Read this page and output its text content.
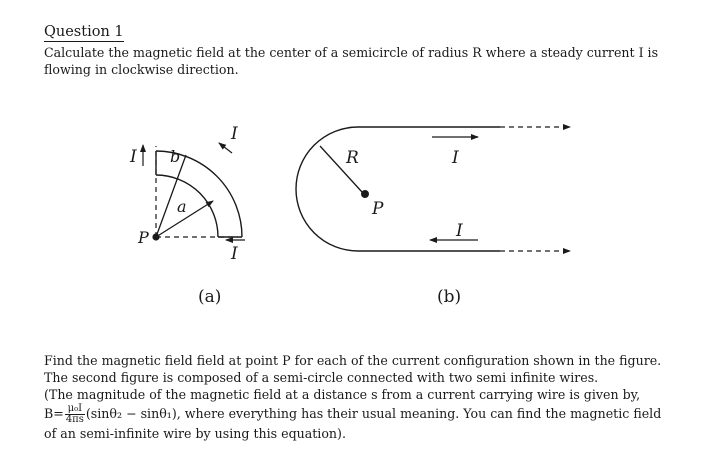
Question 1
Calculate the magnetic field at the center of a semicircle of radius R where a steady current I is
flowing in clockwise direction.
I
I
I
b
a
P
(a)
R
P
I
I
(b)
Find the magnetic field field at point P for each of the current configuration shown in the figure.
The second figure is composed of a semi-circle connected with two semi infinite wires.
(The magnitude of the magnetic field at a distance s from a current carrying wire is given by,
$B= \frac{\text{μ₀I}}{4\pi s} (\sin\theta_2 - \sin\theta_1)$, where everything has their usual meaning. You can find the magnetic field
of an semi-infinite wire by using this equation).
